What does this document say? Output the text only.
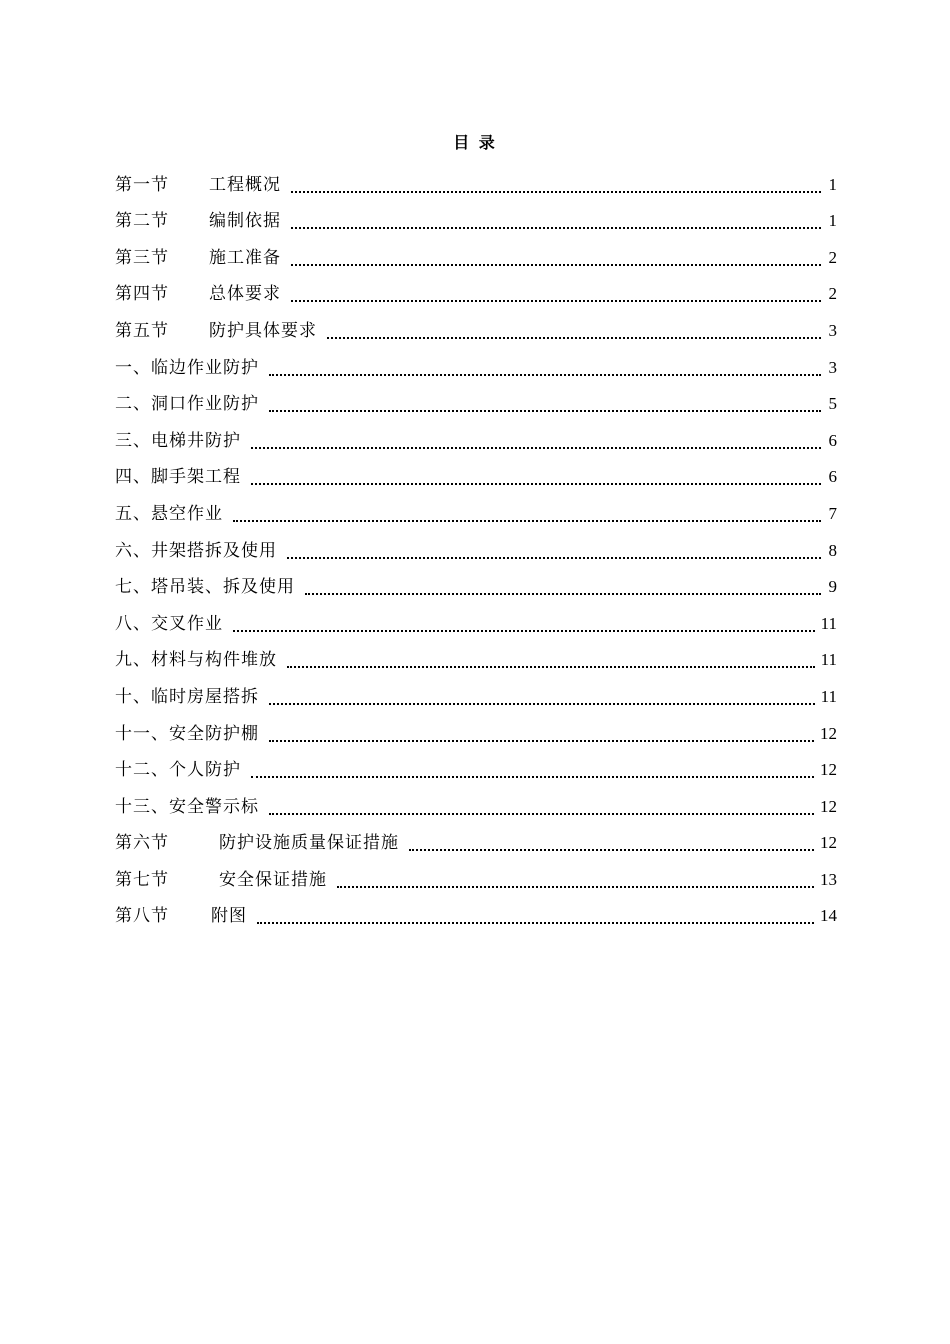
目 录
第一节 工程概况	1
第二节 编制依据	1
第三节 施工准备	2
第四节 总体要求	2
第五节 防护具体要求	3
一、临边作业防护	3
二、洞口作业防护	5
三、电梯井防护	6
四、脚手架工程	6
五、悬空作业	7
六、井架搭拆及使用	8
七、塔吊装、拆及使用	9
八、交叉作业	11
九、材料与构件堆放	11
十、临时房屋搭拆	11
十一、安全防护棚	12
十二、个人防护	12
十三、安全警示标	12
第六节	防护设施质量保证措施	12
第七节	安全保证措施	13
第八节 附图	14
